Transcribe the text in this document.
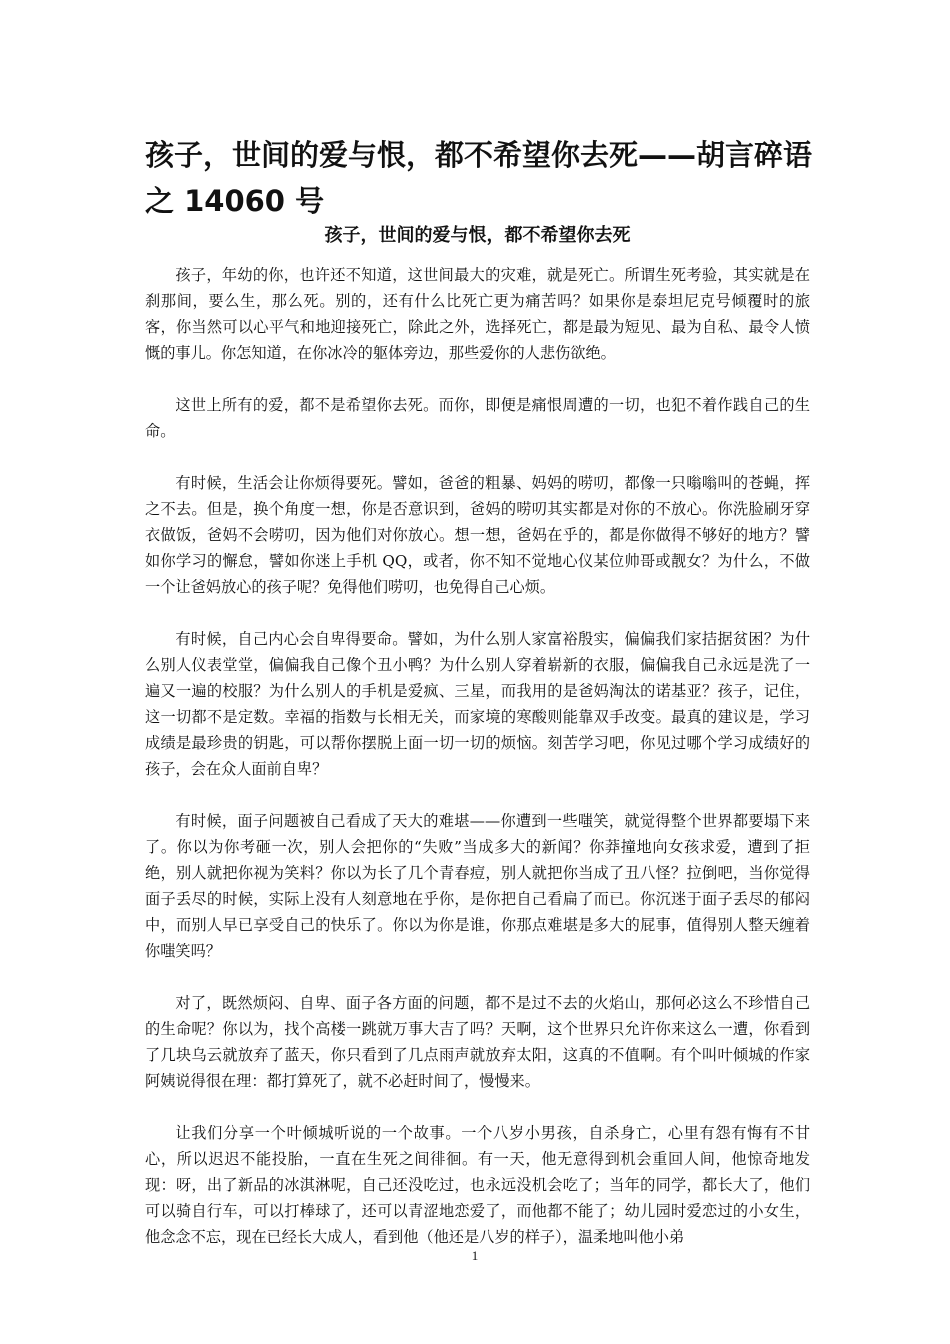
孩子，世间的爱与恨，都不希望你去死——胡言碎语之 14060 号
孩子，世间的爱与恨，都不希望你去死

孩子，年幼的你，也许还不知道，这世间最大的灾难，就是死亡。所谓生死考验，其实就是在刹那间，要么生，那么死。别的，还有什么比死亡更为痛苦吗？如果你是泰坦尼克号倾覆时的旅客，你当然可以心平气和地迎接死亡，除此之外，选择死亡，都是最为短见、最为自私、最令人愤慨的事儿。你怎知道，在你冰冷的躯体旁边，那些爱你的人悲伤欲绝。

这世上所有的爱，都不是希望你去死。而你，即便是痛恨周遭的一切，也犯不着作践自己的生命。

有时候，生活会让你烦得要死。譬如，爸爸的粗暴、妈妈的唠叨，都像一只嗡嗡叫的苍蝇，挥之不去。但是，换个角度一想，你是否意识到，爸妈的唠叨其实都是对你的不放心。你洗脸刷牙穿衣做饭，爸妈不会唠叨，因为他们对你放心。想一想，爸妈在乎的，都是你做得不够好的地方？譬如你学习的懈怠，譬如你迷上手机 QQ，或者，你不知不觉地心仪某位帅哥或靓女？为什么，不做一个让爸妈放心的孩子呢？免得他们唠叨，也免得自己心烦。

有时候，自己内心会自卑得要命。譬如，为什么别人家富裕殷实，偏偏我们家拮据贫困？为什么别人仪表堂堂，偏偏我自己像个丑小鸭？为什么别人穿着崭新的衣服，偏偏我自己永远是洗了一遍又一遍的校服？为什么别人的手机是爱疯、三星，而我用的是爸妈淘汰的诺基亚？孩子，记住，这一切都不是定数。幸福的指数与长相无关，而家境的寒酸则能靠双手改变。最真的建议是，学习成绩是最珍贵的钥匙，可以帮你摆脱上面一切一切的烦恼。刻苦学习吧，你见过哪个学习成绩好的孩子，会在众人面前自卑？

有时候，面子问题被自己看成了天大的难堪——你遭到一些嗤笑，就觉得整个世界都要塌下来了。你以为你考砸一次，别人会把你的“失败”当成多大的新闻？你莽撞地向女孩求爱，遭到了拒绝，别人就把你视为笑料？你以为长了几个青春痘，别人就把你当成了丑八怪？拉倒吧，当你觉得面子丢尽的时候，实际上没有人刻意地在乎你，是你把自己看扁了而已。你沉迷于面子丢尽的郁闷中，而别人早已享受自己的快乐了。你以为你是谁，你那点难堪是多大的屁事，值得别人整天缠着你嗤笑吗？

对了，既然烦闷、自卑、面子各方面的问题，都不是过不去的火焰山，那何必这么不珍惜自己的生命呢？你以为，找个高楼一跳就万事大吉了吗？天啊，这个世界只允许你来这么一遭，你看到了几块乌云就放弃了蓝天，你只看到了几点雨声就放弃太阳，这真的不值啊。有个叫叶倾城的作家阿姨说得很在理：都打算死了，就不必赶时间了，慢慢来。

让我们分享一个叶倾城听说的一个故事。一个八岁小男孩，自杀身亡，心里有怨有悔有不甘心，所以迟迟不能投胎，一直在生死之间徘徊。有一天，他无意得到机会重回人间，他惊奇地发现：呀，出了新品的冰淇淋呢，自己还没吃过，也永远没机会吃了；当年的同学，都长大了，他们可以骑自行车，可以打棒球了，还可以青涩地恋爱了，而他都不能了；幼儿园时爱恋过的小女生，他念念不忘，现在已经长大成人，看到他（他还是八岁的样子），温柔地叫他小弟

1
